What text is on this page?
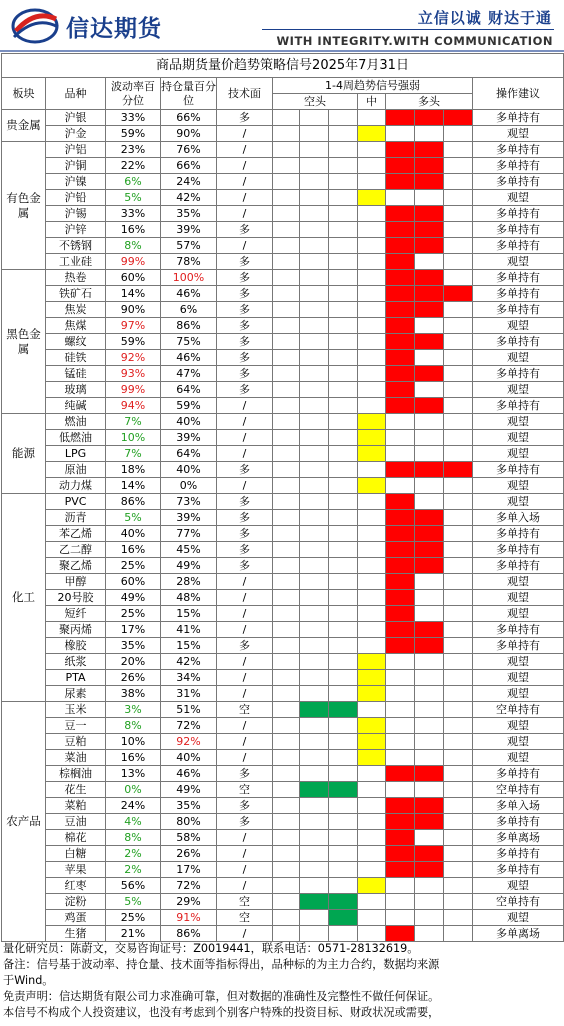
信达期货	立信以诚 财达于通
WITH INTEGRITY.WITH COMMUNICATION
商品期货量价趋势策略信号2025年7月31日												
板块	品种	波动率百分位	持仓量百分位	技术面	1-4周趋势信号强弱							操作建议
					空头			中	多头			
贵金属	沪银	33%	66%	多								多单持有
	沪金	59%	90%	/								观望
有色金属	沪铝	23%	76%	/								多单持有
	沪铜	22%	66%	/								多单持有
	沪镍	6%	24%	/								多单持有
	沪铅	5%	42%	/								观望
	沪锡	33%	35%	/								多单持有
	沪锌	16%	39%	多								多单持有
	不锈钢	8%	57%	/								多单持有
	工业硅	99%	78%	多								观望
黑色金属	热卷	60%	100%	多								多单持有
	铁矿石	14%	46%	多								多单持有
	焦炭	90%	6%	多								多单持有
	焦煤	97%	86%	多								观望
	螺纹	59%	75%	多								多单持有
	硅铁	92%	46%	多								观望
	锰硅	93%	47%	多								多单持有
	玻璃	99%	64%	多								观望
	纯碱	94%	59%	/								多单持有
能源	燃油	7%	40%	/								观望
	低燃油	10%	39%	/								观望
	LPG	7%	64%	/								观望
	原油	18%	40%	多								多单持有
	动力煤	14%	0%	/								观望
化工	PVC	86%	73%	多								观望
	沥青	5%	39%	多								多单入场
	苯乙烯	40%	77%	多								多单持有
	乙二醇	16%	45%	多								多单持有
	聚乙烯	25%	49%	多								多单持有
	甲醇	60%	28%	/								观望
	20号胶	49%	48%	/								观望
	短纤	25%	15%	/								观望
	聚丙烯	17%	41%	/								多单持有
	橡胶	35%	15%	多								多单持有
	纸浆	20%	42%	/								观望
	PTA	26%	34%	/								观望
	尿素	38%	31%	/								观望
农产品	玉米	3%	51%	空								空单持有
	豆一	8%	72%	/								观望
	豆粕	10%	92%	/								观望
	菜油	16%	40%	/								观望
	棕榈油	13%	46%	多								多单持有
	花生	0%	49%	空								空单持有
	菜粕	24%	35%	多								多单入场
	豆油	4%	80%	多								多单持有
	棉花	8%	58%	/								多单离场
	白糖	2%	26%	/								多单持有
	苹果	2%	17%	/								多单持有
	红枣	56%	72%	/								观望
	淀粉	5%	29%	空								空单持有
	鸡蛋	25%	91%	空								观望
	生猪	21%	86%	/								多单离场
量化研究员：陈蔚文，交易咨询证号：Z0019441，联系电话：0571-28132619。
备注：信号基于波动率、持仓量、技术面等指标得出，品种标的为主力合约，数据均来源
于Wind。
免责声明：信达期货有限公司力求准确可靠，但对数据的准确性及完整性不做任何保证。
本信号不构成个人投资建议，也没有考虑到个别客户特殊的投资目标、财政状况或需要，
